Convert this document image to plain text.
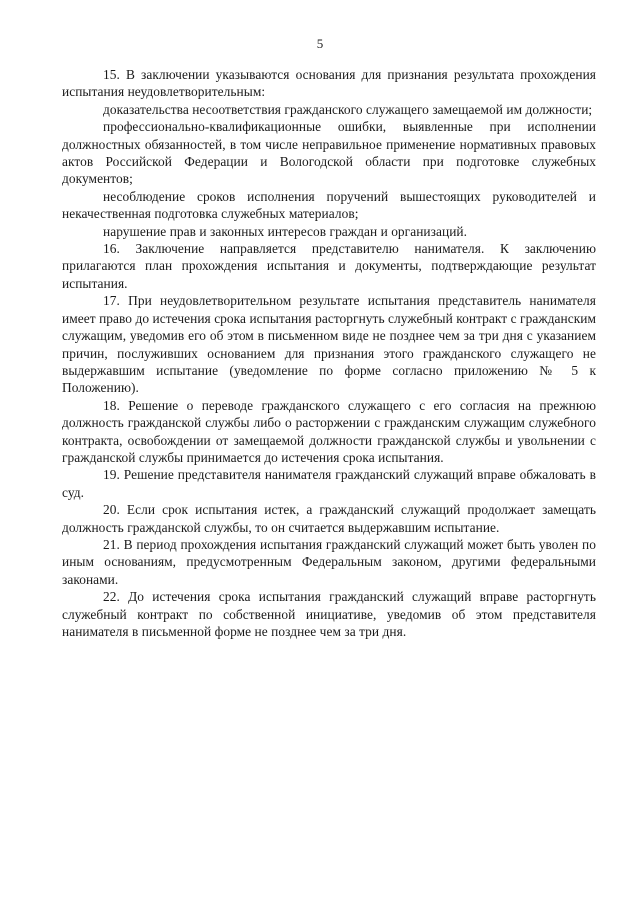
5

15. В заключении указываются основания для признания результата прохождения испытания неудовлетворительным:

доказательства несоответствия гражданского служащего замещаемой им должности;

профессионально-квалификационные ошибки, выявленные при исполнении должностных обязанностей, в том числе неправильное применение нормативных правовых актов Российской Федерации и Вологодской области при подготовке служебных документов;

несоблюдение сроков исполнения поручений вышестоящих руководителей и некачественная подготовка служебных материалов;

нарушение прав и законных интересов граждан и организаций.

16. Заключение направляется представителю нанимателя. К заключению прилагаются план прохождения испытания и документы, подтверждающие результат испытания.

17. При неудовлетворительном результате испытания представитель нанимателя имеет право до истечения срока испытания расторгнуть служебный контракт с гражданским служащим, уведомив его об этом в письменном виде не позднее чем за три дня с указанием причин, послуживших основанием для признания этого гражданского служащего не выдержавшим испытание (уведомление по форме согласно приложению № 5 к Положению).

18. Решение о переводе гражданского служащего с его согласия на прежнюю должность гражданской службы либо о расторжении с гражданским служащим служебного контракта, освобождении от замещаемой должности гражданской службы и увольнении с гражданской службы принимается до истечения срока испытания.

19. Решение представителя нанимателя гражданский служащий вправе обжаловать в суд.

20. Если срок испытания истек, а гражданский служащий продолжает замещать должность гражданской службы, то он считается выдержавшим испытание.

21. В период прохождения испытания гражданский служащий может быть уволен по иным основаниям, предусмотренным Федеральным законом, другими федеральными законами.

22. До истечения срока испытания гражданский служащий вправе расторгнуть служебный контракт по собственной инициативе, уведомив об этом представителя нанимателя в письменной форме не позднее чем за три дня.
